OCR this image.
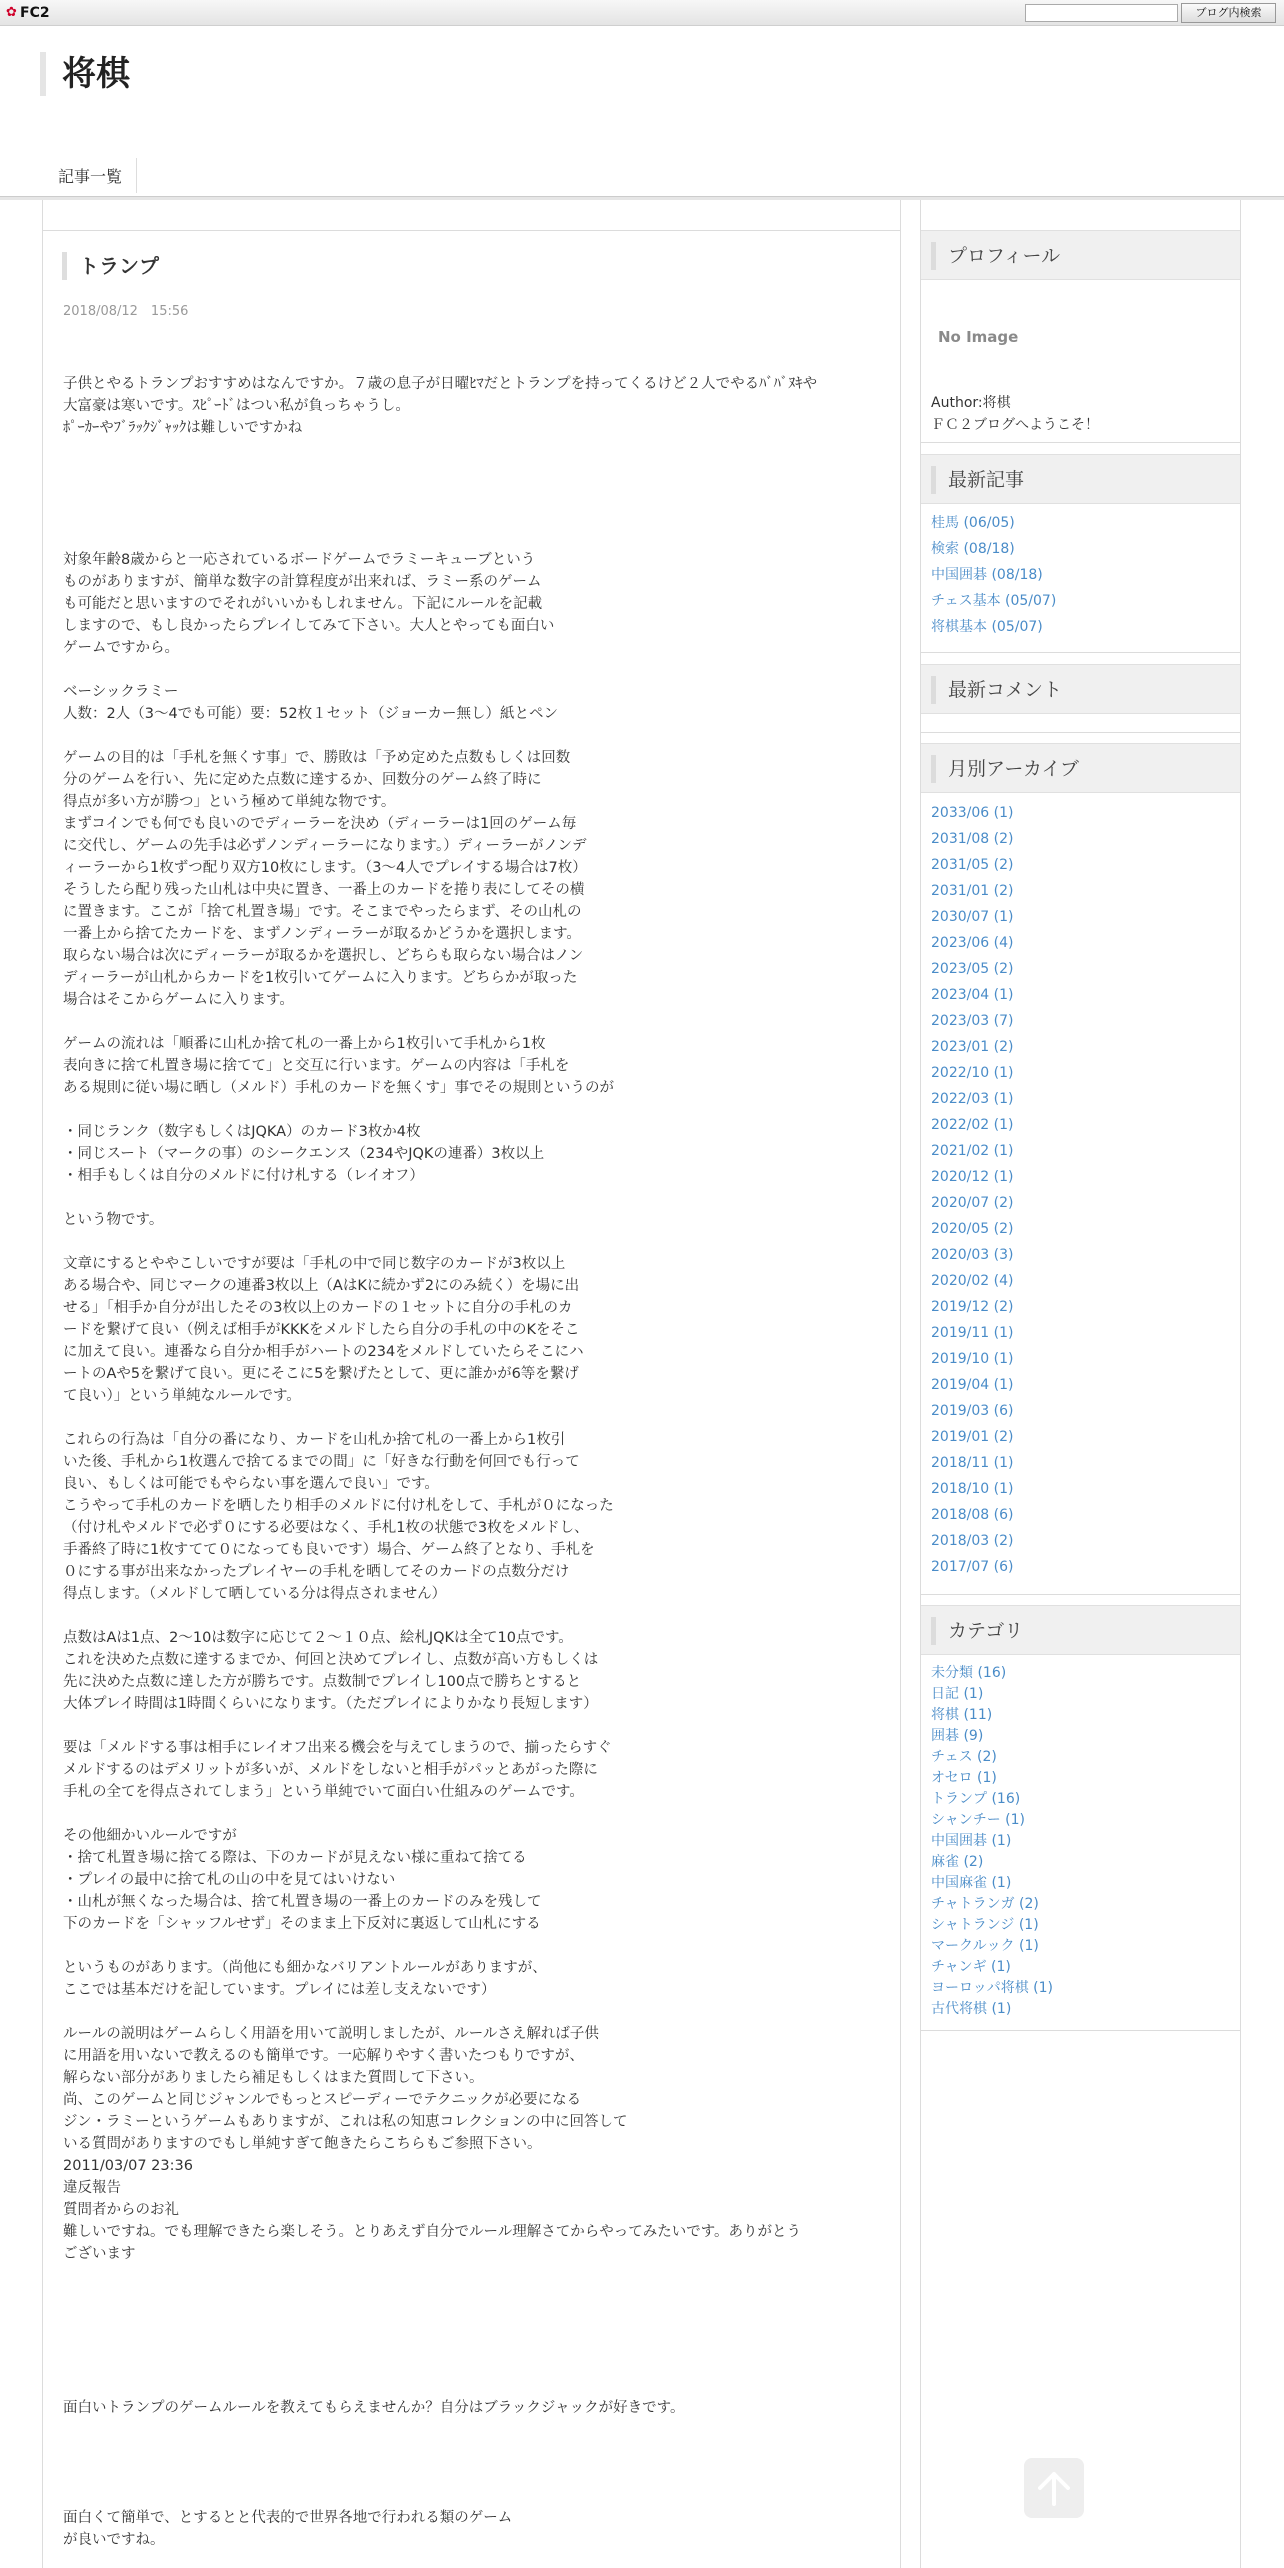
✿ FC2	ブログ内検索
将棋
記事一覧
トランプ
2018/08/12　15:56

子供とやるトランプおすすめはなんですか。７歳の息子が日曜ﾋﾏだとトランプを持ってくるけど２人でやるﾊﾞﾊﾞﾇｷや
大富豪は寒いです。ｽﾋﾟｰﾄﾞはつい私が負っちゃうし。
ﾎﾟｰｶｰやﾌﾞﾗｯｸｼﾞｬｯｸは難しいですかね

対象年齢8歳からと一応されているボードゲームでラミーキューブという
ものがありますが、簡単な数字の計算程度が出来れば、ラミー系のゲーム
も可能だと思いますのでそれがいいかもしれません。下記にルールを記載
しますので、もし良かったらプレイしてみて下さい。大人とやっても面白い
ゲームですから。

ベーシックラミー
人数：2人（3～4でも可能）要：52枚１セット（ジョーカー無し）紙とペン

ゲームの目的は「手札を無くす事」で、勝敗は「予め定めた点数もしくは回数
分のゲームを行い、先に定めた点数に達するか、回数分のゲーム終了時に
得点が多い方が勝つ」という極めて単純な物です。
まずコインでも何でも良いのでディーラーを決め（ディーラーは1回のゲーム毎
に交代し、ゲームの先手は必ずノンディーラーになります。）ディーラーがノンデ
ィーラーから1枚ずつ配り双方10枚にします。（3～4人でプレイする場合は7枚）
そうしたら配り残った山札は中央に置き、一番上のカードを捲り表にしてその横
に置きます。ここが「捨て札置き場」です。そこまでやったらまず、その山札の
一番上から捨てたカードを、まずノンディーラーが取るかどうかを選択します。
取らない場合は次にディーラーが取るかを選択し、どちらも取らない場合はノン
ディーラーが山札からカードを1枚引いてゲームに入ります。どちらかが取った
場合はそこからゲームに入ります。

ゲームの流れは「順番に山札か捨て札の一番上から1枚引いて手札から1枚
表向きに捨て札置き場に捨てて」と交互に行います。ゲームの内容は「手札を
ある規則に従い場に晒し（メルド）手札のカードを無くす」事でその規則というのが

・同じランク（数字もしくはJQKA）のカード3枚か4枚
・同じスート（マークの事）のシークエンス（234やJQKの連番）3枚以上
・相手もしくは自分のメルドに付け札する（レイオフ）

という物です。

文章にするとややこしいですが要は「手札の中で同じ数字のカードが3枚以上
ある場合や、同じマークの連番3枚以上（AはKに続かず2にのみ続く）を場に出
せる」「相手か自分が出したその3枚以上のカードの１セットに自分の手札のカ
ードを繋げて良い（例えば相手がKKKをメルドしたら自分の手札の中のKをそこ
に加えて良い。連番なら自分か相手がハートの234をメルドしていたらそこにハ
ートのAや5を繋げて良い。更にそこに5を繋げたとして、更に誰かが6等を繋げ
て良い）」という単純なルールです。

これらの行為は「自分の番になり、カードを山札か捨て札の一番上から1枚引
いた後、手札から1枚選んで捨てるまでの間」に「好きな行動を何回でも行って
良い、もしくは可能でもやらない事を選んで良い」です。
こうやって手札のカードを晒したり相手のメルドに付け札をして、手札が０になった
（付け札やメルドで必ず０にする必要はなく、手札1枚の状態で3枚をメルドし、
手番終了時に1枚すてて０になっても良いです）場合、ゲーム終了となり、手札を
０にする事が出来なかったプレイヤーの手札を晒してそのカードの点数分だけ
得点します。（メルドして晒している分は得点されません）

点数はAは1点、2～10は数字に応じて２～１０点、絵札JQKは全て10点です。
これを決めた点数に達するまでか、何回と決めてプレイし、点数が高い方もしくは
先に決めた点数に達した方が勝ちです。点数制でプレイし100点で勝ちとすると
大体プレイ時間は1時間くらいになります。（ただプレイによりかなり長短します）

要は「メルドする事は相手にレイオフ出来る機会を与えてしまうので、揃ったらすぐ
メルドするのはデメリットが多いが、メルドをしないと相手がパッとあがった際に
手札の全てを得点されてしまう」という単純でいて面白い仕組みのゲームです。

その他細かいルールですが
・捨て札置き場に捨てる際は、下のカードが見えない様に重ねて捨てる
・プレイの最中に捨て札の山の中を見てはいけない
・山札が無くなった場合は、捨て札置き場の一番上のカードのみを残して
下のカードを「シャッフルせず」そのまま上下反対に裏返して山札にする

というものがあります。（尚他にも細かなバリアントルールがありますが、
ここでは基本だけを記しています。プレイには差し支えないです）

ルールの説明はゲームらしく用語を用いて説明しましたが、ルールさえ解れば子供
に用語を用いないで教えるのも簡単です。一応解りやすく書いたつもりですが、
解らない部分がありましたら補足もしくはまた質問して下さい。
尚、このゲームと同じジャンルでもっとスピーディーでテクニックが必要になる
ジン・ラミーというゲームもありますが、これは私の知恵コレクションの中に回答して
いる質問がありますのでもし単純すぎて飽きたらこちらもご参照下さい。
2011/03/07 23:36
違反報告
質問者からのお礼
難しいですね。でも理解できたら楽しそう。とりあえず自分でルール理解さてからやってみたいです。ありがとう
ございます

面白いトランプのゲームルールを教えてもらえませんか？自分はブラックジャックが好きです。

面白くて簡単で、とするとと代表的で世界各地で行われる類のゲーム
が良いですね。

プロフィール
No Image
Author:将棋
ＦＣ２ブログへようこそ！
最新記事
桂馬 (06/05)
検索 (08/18)
中国囲碁 (08/18)
チェス基本 (05/07)
将棋基本 (05/07)
最新コメント
月別アーカイブ
2033/06 (1)
2031/08 (2)
2031/05 (2)
2031/01 (2)
2030/07 (1)
2023/06 (4)
2023/05 (2)
2023/04 (1)
2023/03 (7)
2023/01 (2)
2022/10 (1)
2022/03 (1)
2022/02 (1)
2021/02 (1)
2020/12 (1)
2020/07 (2)
2020/05 (2)
2020/03 (3)
2020/02 (4)
2019/12 (2)
2019/11 (1)
2019/10 (1)
2019/04 (1)
2019/03 (6)
2019/01 (2)
2018/11 (1)
2018/10 (1)
2018/08 (6)
2018/03 (2)
2017/07 (6)
カテゴリ
未分類 (16)
日記 (1)
将棋 (11)
囲碁 (9)
チェス (2)
オセロ (1)
トランプ (16)
シャンチー (1)
中国囲碁 (1)
麻雀 (2)
中国麻雀 (1)
チャトランガ (2)
シャトランジ (1)
マークルック (1)
チャンギ (1)
ヨーロッパ将棋 (1)
古代将棋 (1)
